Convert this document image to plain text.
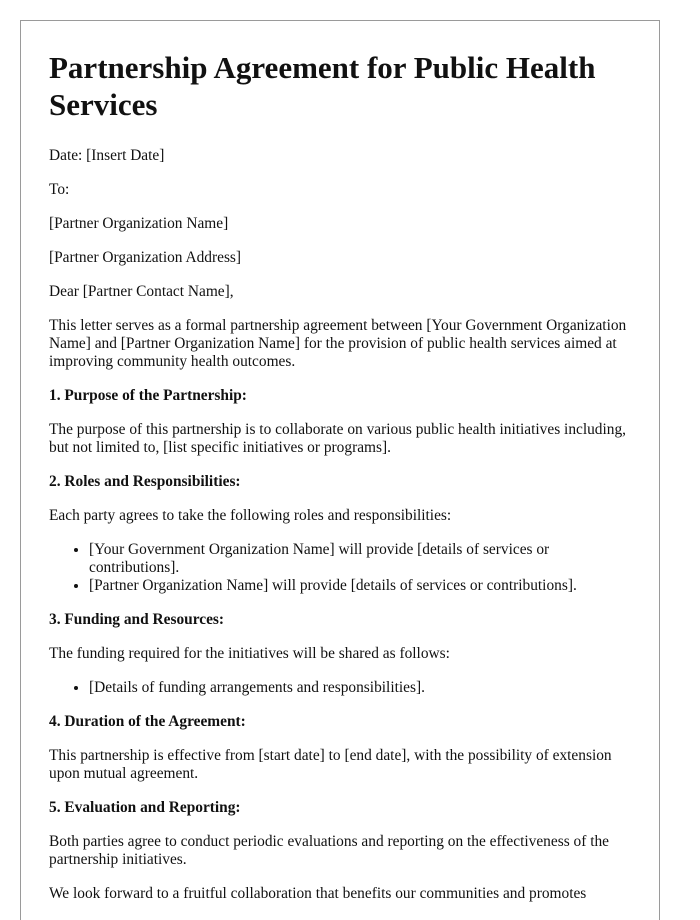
Partnership Agreement for Public Health Services

Date: [Insert Date]

To:

[Partner Organization Name]

[Partner Organization Address]

Dear [Partner Contact Name],

This letter serves as a formal partnership agreement between [Your Government Organization Name] and [Partner Organization Name] for the provision of public health services aimed at improving community health outcomes.

1. Purpose of the Partnership:

The purpose of this partnership is to collaborate on various public health initiatives including, but not limited to, [list specific initiatives or programs].

2. Roles and Responsibilities:

Each party agrees to take the following roles and responsibilities:

• [Your Government Organization Name] will provide [details of services or contributions].
• [Partner Organization Name] will provide [details of services or contributions].
3. Funding and Resources:

The funding required for the initiatives will be shared as follows:

• [Details of funding arrangements and responsibilities].
4. Duration of the Agreement:

This partnership is effective from [start date] to [end date], with the possibility of extension upon mutual agreement.

5. Evaluation and Reporting:

Both parties agree to conduct periodic evaluations and reporting on the effectiveness of the partnership initiatives.

We look forward to a fruitful collaboration that benefits our communities and promotes
